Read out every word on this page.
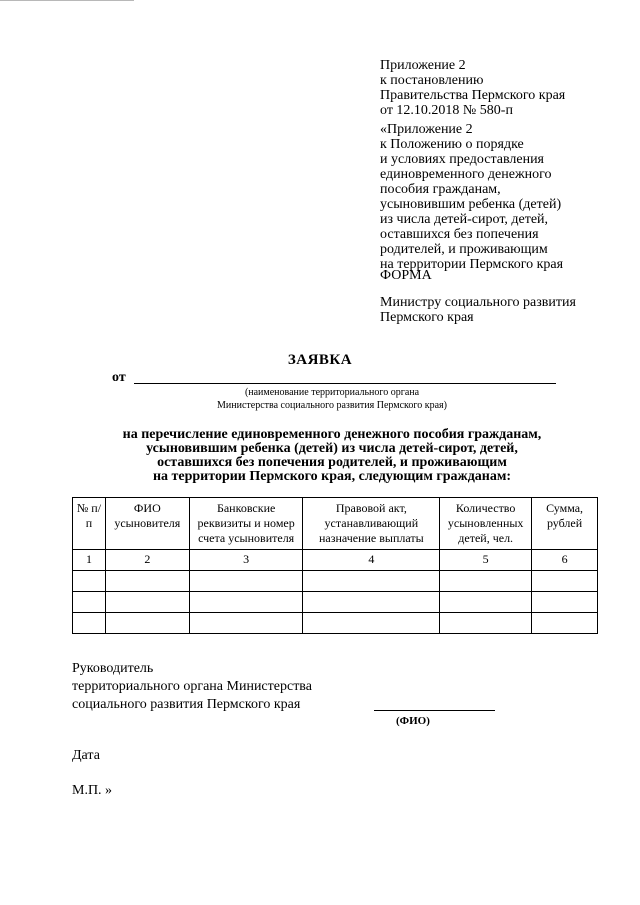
Приложение 2
к постановлению
Правительства Пермского края
от 12.10.2018 № 580-п
«Приложение 2
к Положению о порядке
и условиях предоставления
единовременного денежного
пособия гражданам,
усыновившим ребенка (детей)
из числа детей-сирот, детей,
оставшихся без попечения
родителей, и проживающим
на территории Пермского края
ФОРМА
Министру социального развития
Пермского края
ЗАЯВКА
от
(наименование территориального органа
Министерства социального развития Пермского края)
на перечисление единовременного денежного пособия гражданам,
усыновившим ребенка (детей) из числа детей-сирот, детей,
оставшихся без попечения родителей, и проживающим
на территории Пермского края, следующим гражданам:
№ п/п	ФИО усыновителя	Банковские реквизиты и номер счета усыновителя	Правовой акт, устанавливающий назначение выплаты	Количество усыновленных детей, чел.	Сумма, рублей
1	2	3	4	5	6

Руководитель
территориального органа Министерства
социального развития Пермского края
(ФИО)
Дата
М.П. »
